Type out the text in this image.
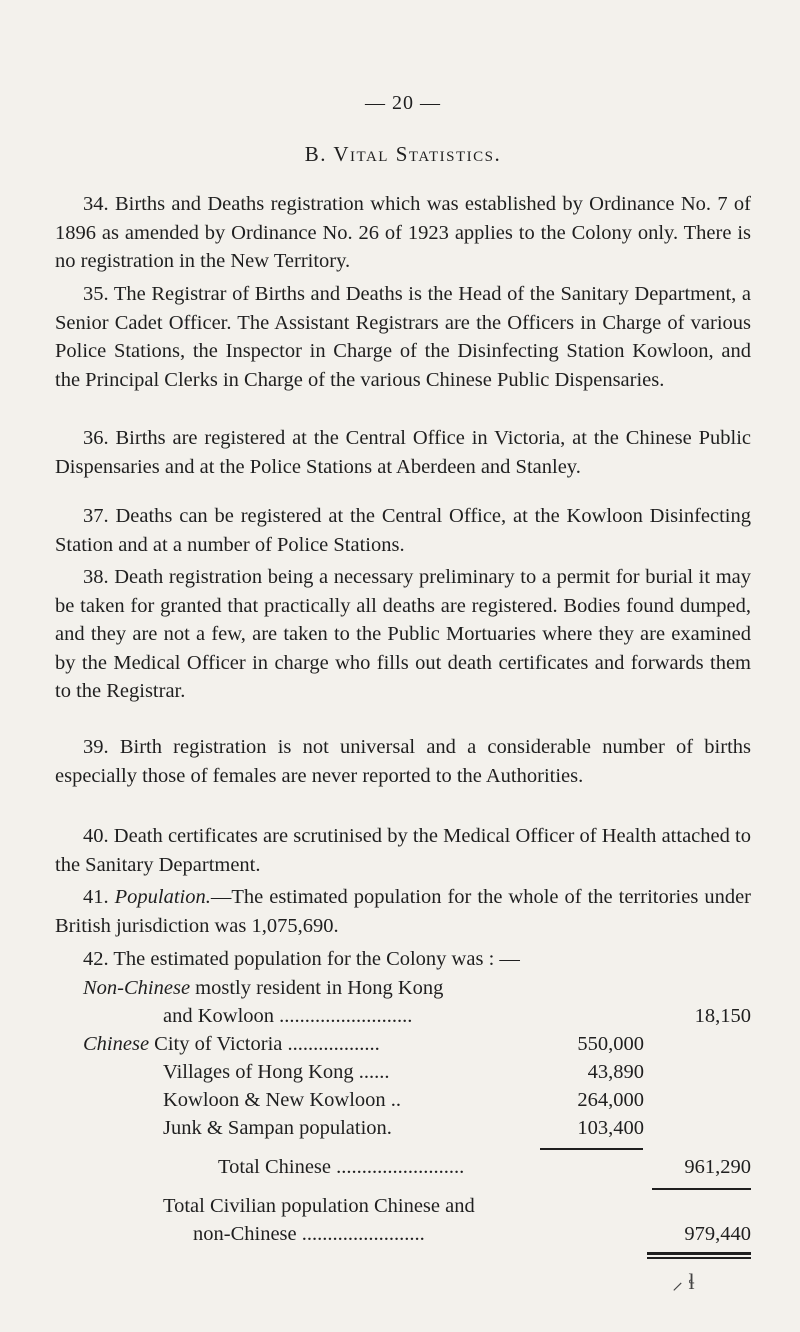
— 20 —
B. Vital Statistics.

34. Births and Deaths registration which was established by Ordinance No. 7 of 1896 as amended by Ordinance No. 26 of 1923 applies to the Colony only. There is no registration in the New Territory.

35. The Registrar of Births and Deaths is the Head of the Sanitary Department, a Senior Cadet Officer. The Assistant Registrars are the Officers in Charge of various Police Stations, the Inspector in Charge of the Disinfecting Station Kowloon, and the Principal Clerks in Charge of the various Chinese Public Dispensaries.

36. Births are registered at the Central Office in Victoria, at the Chinese Public Dispensaries and at the Police Stations at Aberdeen and Stanley.

37. Deaths can be registered at the Central Office, at the Kowloon Disinfecting Station and at a number of Police Stations.

38. Death registration being a necessary preliminary to a permit for burial it may be taken for granted that practically all deaths are registered. Bodies found dumped, and they are not a few, are taken to the Public Mortuaries where they are examined by the Medical Officer in charge who fills out death certificates and forwards them to the Registrar.

39. Birth registration is not universal and a considerable number of births especially those of females are never reported to the Authorities.

40. Death certificates are scrutinised by the Medical Officer of Health attached to the Sanitary Department.

41. Population.—The estimated population for the whole of the territories under British jurisdiction was 1,075,690.

42. The estimated population for the Colony was : —

Non-Chinese mostly resident in Hong Kong
and Kowloon ..........................	18,150
Chinese City of Victoria ..................	550,000
Villages of Hong Kong ......	43,890
Kowloon & New Kowloon ..	264,000
Junk & Sampan population.	103,400
Total Chinese .........................	961,290
Total Civilian population Chinese and
non-Chinese ........................	979,440
⸝ ɬ
